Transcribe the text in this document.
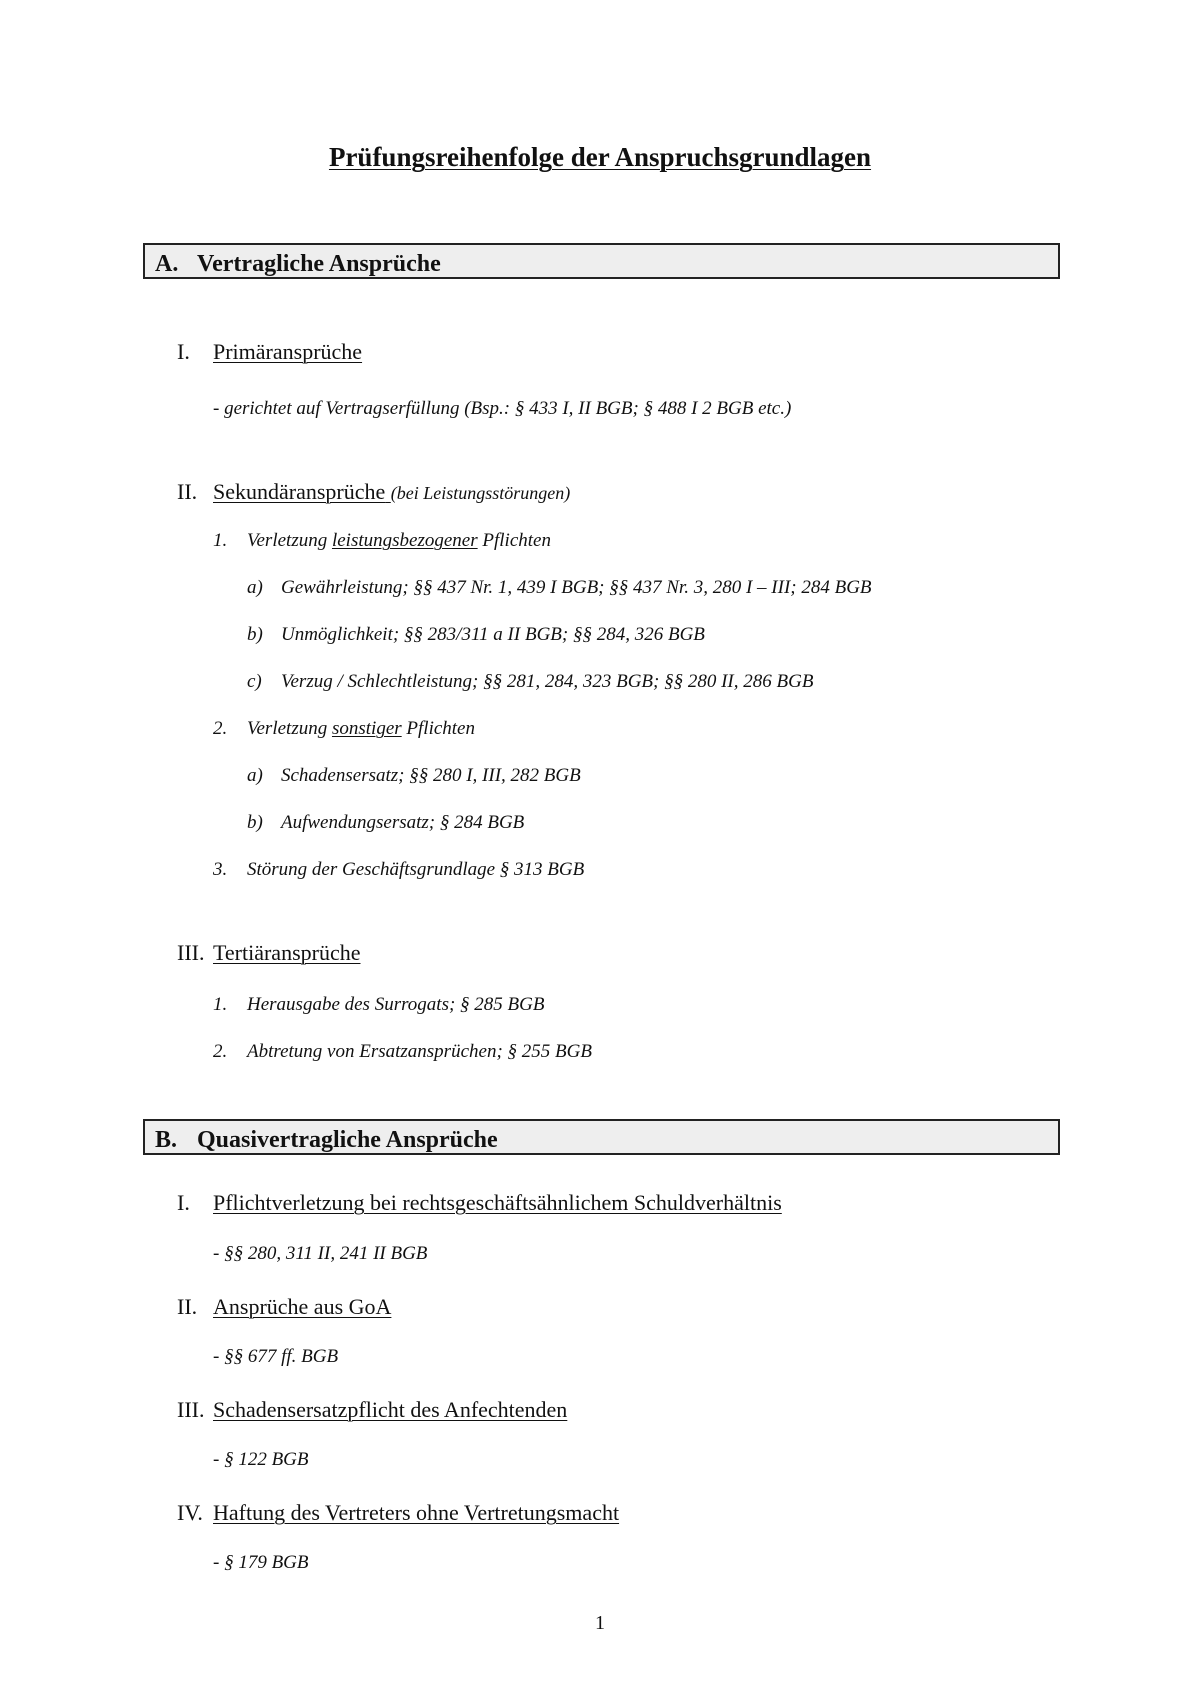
Prüfungsreihenfolge der Anspruchsgrundlagen
A. Vertragliche Ansprüche
I. Primäransprüche
- gerichtet auf Vertragserfüllung (Bsp.: § 433 I, II BGB; § 488 I 2 BGB etc.)
II. Sekundäransprüche (bei Leistungsstörungen)
1. Verletzung leistungsbezogener Pflichten
a) Gewährleistung; §§ 437 Nr. 1, 439 I BGB; §§ 437 Nr. 3, 280 I – III; 284 BGB
b) Unmöglichkeit; §§ 283/311 a II BGB; §§ 284, 326 BGB
c) Verzug / Schlechtleistung; §§ 281, 284, 323 BGB; §§ 280 II, 286 BGB
2. Verletzung sonstiger Pflichten
a) Schadensersatz; §§ 280 I, III, 282 BGB
b) Aufwendungsersatz; § 284 BGB
3. Störung der Geschäftsgrundlage § 313 BGB
III. Tertiäransprüche
1. Herausgabe des Surrogats; § 285 BGB
2. Abtretung von Ersatzansprüchen; § 255 BGB
B. Quasivertragliche Ansprüche
I. Pflichtverletzung bei rechtsgeschäftsähnlichem Schuldverhältnis
- §§ 280, 311 II, 241 II BGB
II. Ansprüche aus GoA
- §§ 677 ff. BGB
III. Schadensersatzpflicht des Anfechtenden
- § 122 BGB
IV. Haftung des Vertreters ohne Vertretungsmacht
- § 179 BGB
1
